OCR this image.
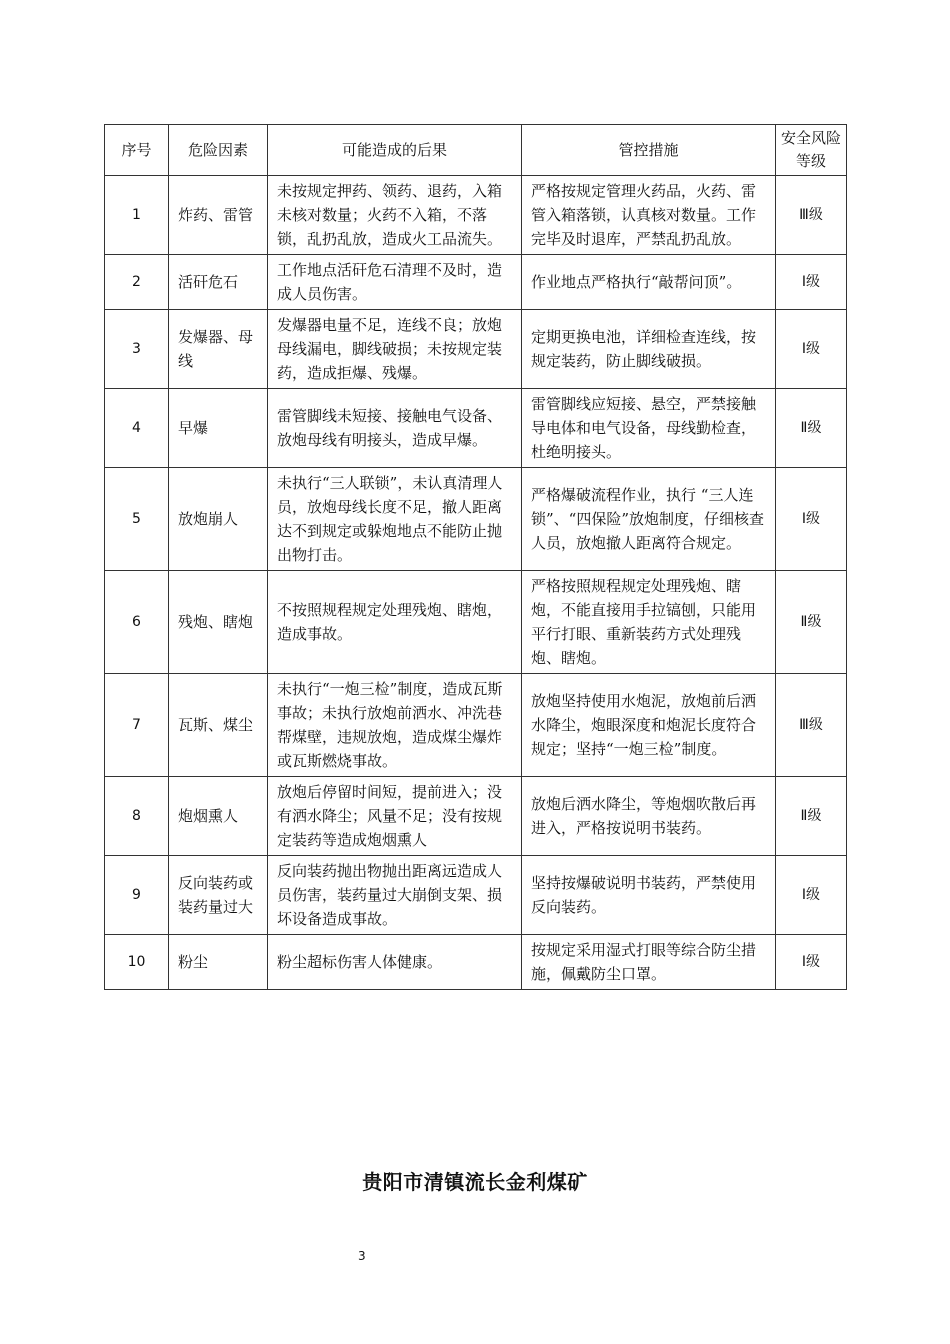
序号	危险因素	可能造成的后果	管控措施	安全风险等级
1	炸药、雷管	未按规定押药、领药、退药，入箱未核对数量；火药不入箱，不落锁，乱扔乱放，造成火工品流失。	严格按规定管理火药品，火药、雷管入箱落锁，认真核对数量。工作完毕及时退库，严禁乱扔乱放。	Ⅲ级
2	活矸危石	工作地点活矸危石清理不及时，造成人员伤害。	作业地点严格执行“敲帮问顶”。	Ⅰ级
3	发爆器、母线	发爆器电量不足，连线不良；放炮母线漏电，脚线破损；未按规定装药，造成拒爆、残爆。	定期更换电池，详细检查连线，按规定装药，防止脚线破损。	Ⅰ级
4	早爆	雷管脚线未短接、接触电气设备、放炮母线有明接头，造成早爆。	雷管脚线应短接、悬空，严禁接触导电体和电气设备，母线勤检查，杜绝明接头。	Ⅱ级
5	放炮崩人	未执行“三人联锁”，未认真清理人员，放炮母线长度不足，撤人距离达不到规定或躲炮地点不能防止抛出物打击。	严格爆破流程作业，执行 “三人连锁”、“四保险”放炮制度，仔细核查人员，放炮撤人距离符合规定。	Ⅰ级
6	残炮、瞎炮	不按照规程规定处理残炮、瞎炮，造成事故。	严格按照规程规定处理残炮、瞎炮，不能直接用手拉镐刨，只能用平行打眼、重新装药方式处理残炮、瞎炮。	Ⅱ级
7	瓦斯、煤尘	未执行“一炮三检”制度，造成瓦斯事故；未执行放炮前洒水、冲洗巷帮煤壁，违规放炮，造成煤尘爆炸或瓦斯燃烧事故。	放炮坚持使用水炮泥，放炮前后洒水降尘，炮眼深度和炮泥长度符合规定；坚持“一炮三检”制度。	Ⅲ级
8	炮烟熏人	放炮后停留时间短，提前进入；没有洒水降尘；风量不足；没有按规定装药等造成炮烟熏人	放炮后洒水降尘，等炮烟吹散后再进入，严格按说明书装药。	Ⅱ级
9	反向装药或装药量过大	反向装药抛出物抛出距离远造成人员伤害，装药量过大崩倒支架、损坏设备造成事故。	坚持按爆破说明书装药，严禁使用反向装药。	Ⅰ级
10	粉尘	粉尘超标伤害人体健康。	按规定采用湿式打眼等综合防尘措施，佩戴防尘口罩。	Ⅰ级
贵阳市清镇流长金利煤矿
3
